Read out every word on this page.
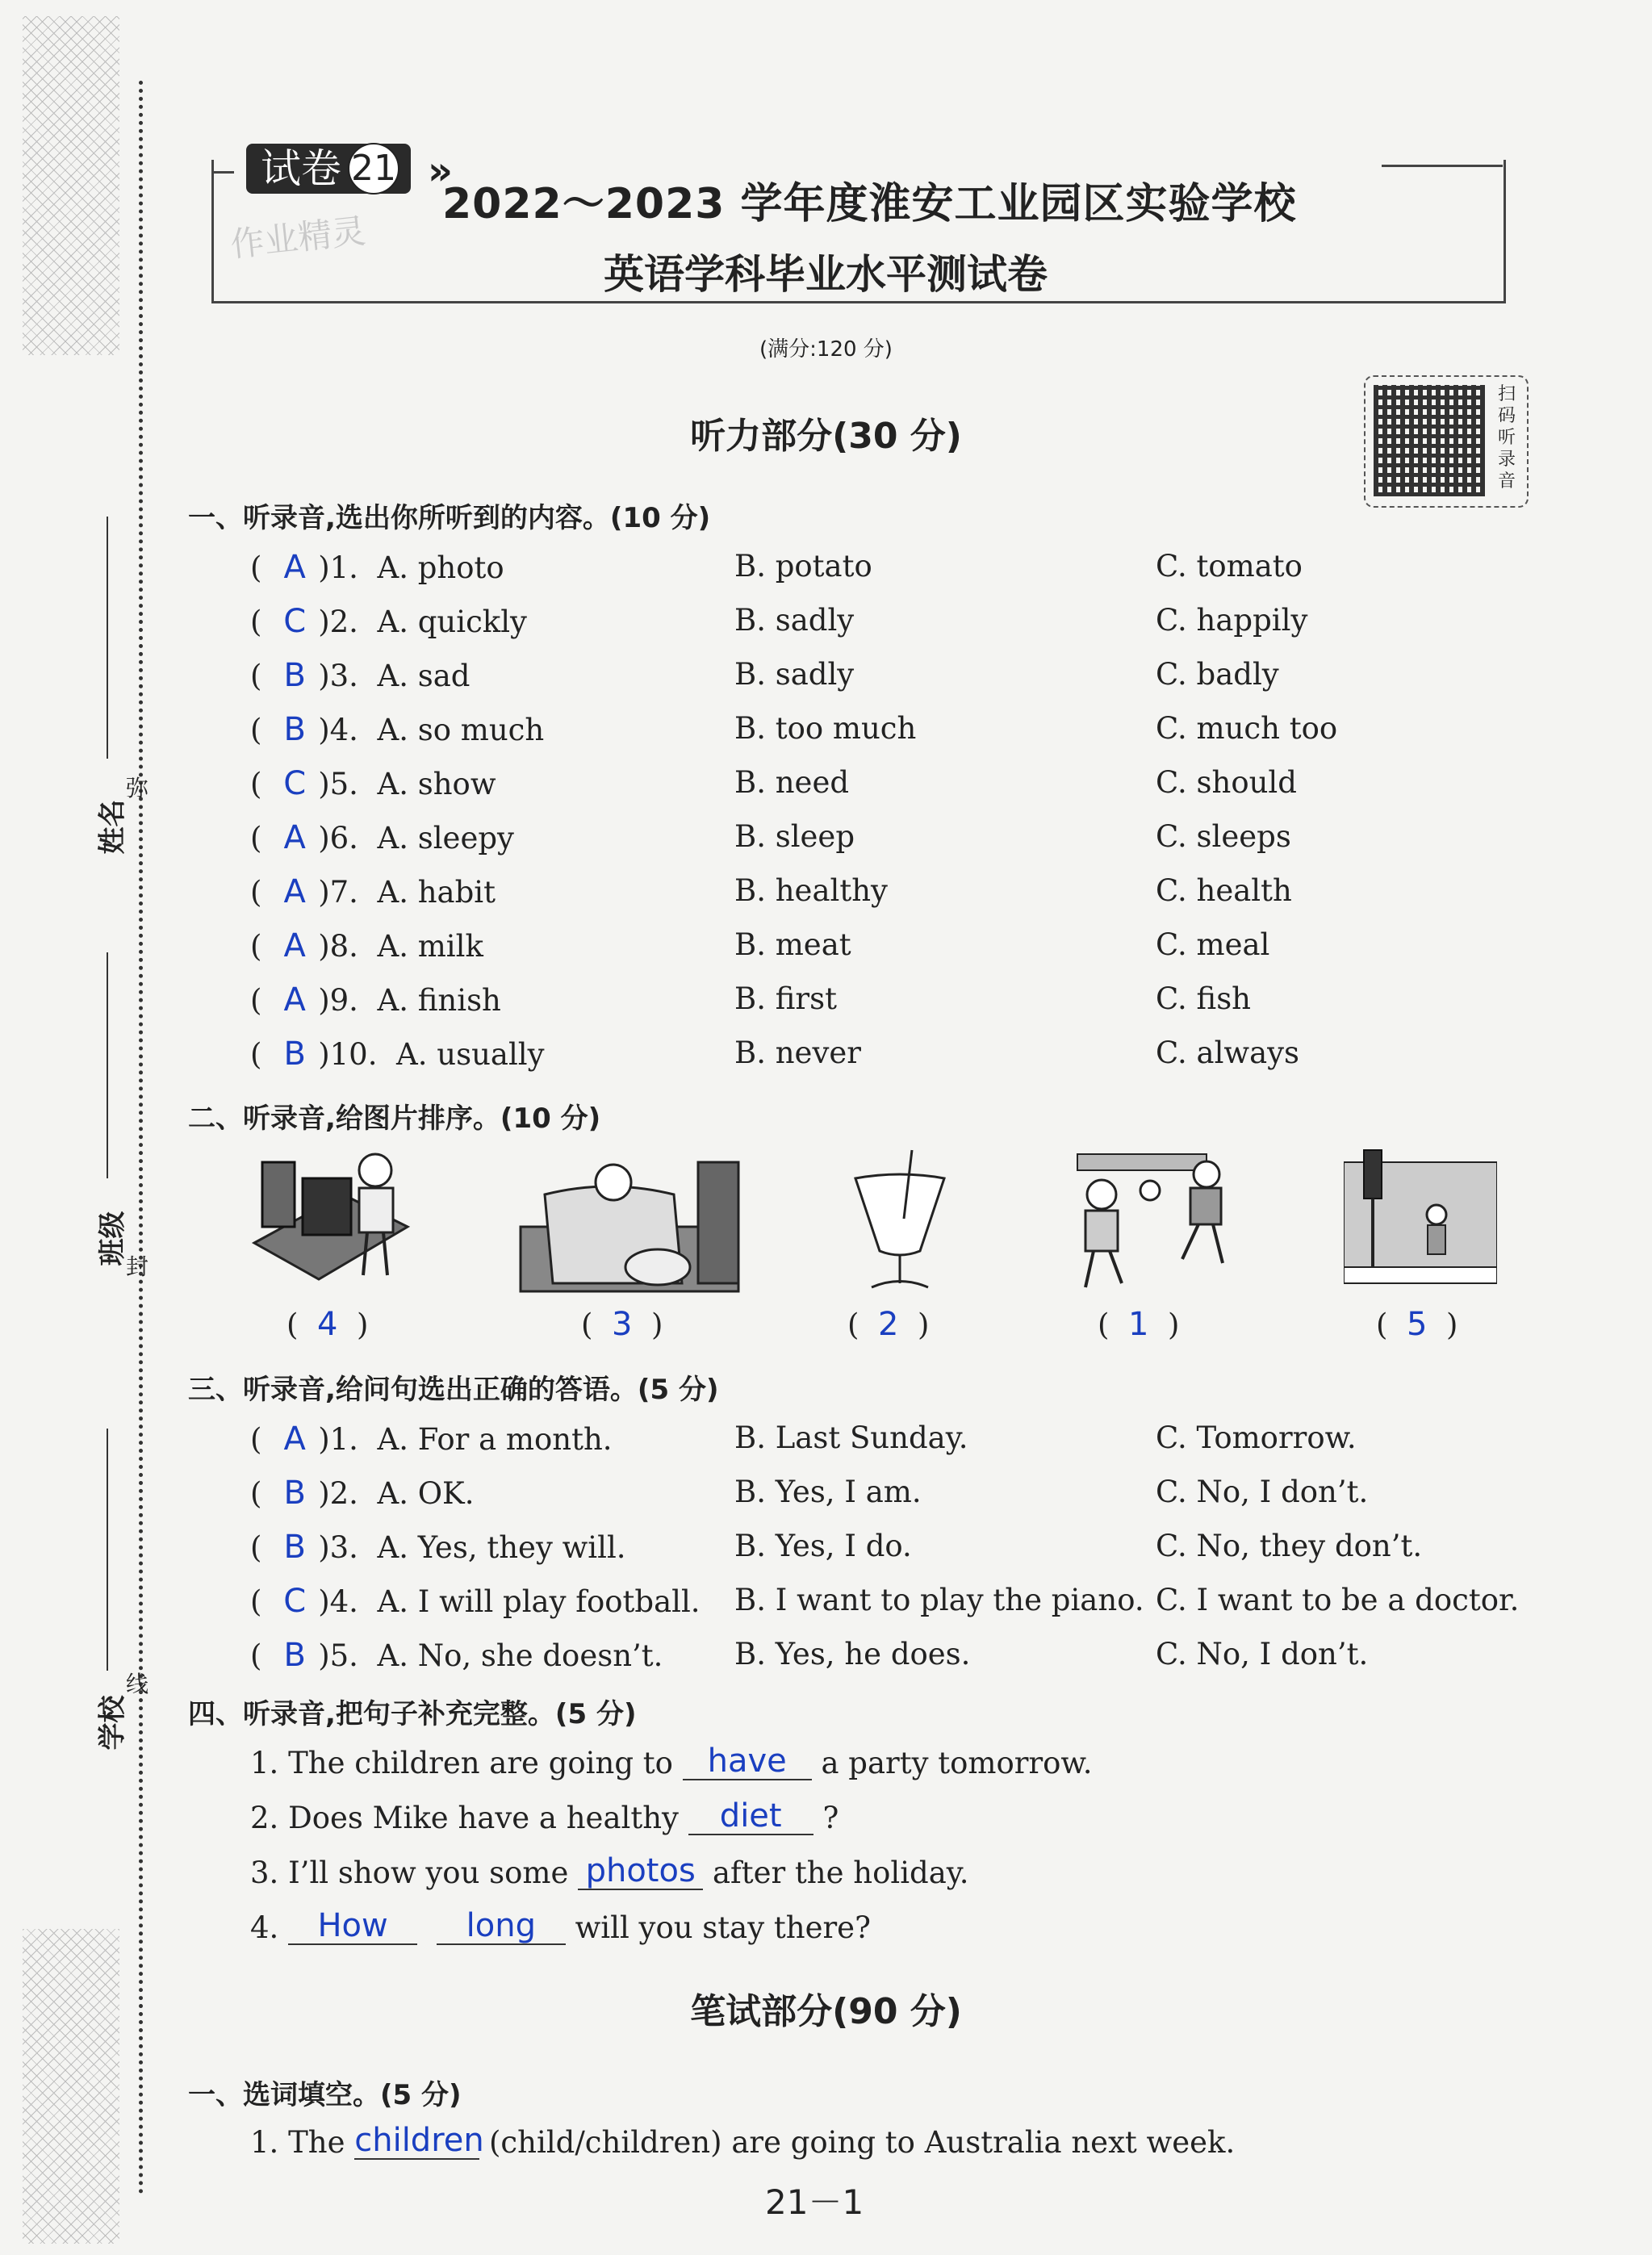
姓名
弥
班级
封
学校
线
试卷 21 »
作业精灵
2022～2023 学年度淮安工业园区实验学校
英语学科毕业水平测试卷
(满分:120 分)
扫码听录音
听力部分(30 分)
一、听录音,选出你所听到的内容。(10 分)
( A )1. A. photo	B. potato	C. tomato
( C )2. A. quickly	B. sadly	C. happily
( B )3. A. sad	B. sadly	C. badly
( B )4. A. so much	B. too much	C. much too
( C )5. A. show	B. need	C. should
( A )6. A. sleepy	B. sleep	C. sleeps
( A )7. A. habit	B. healthy	C. health
( A )8. A. milk	B. meat	C. meal
( A )9. A. finish	B. first	C. fish
( B )10. A. usually	B. never	C. always
二、听录音,给图片排序。(10 分)
(  4  )	(  3  )	(  2  )	(  1  )	(  5  )
三、听录音,给问句选出正确的答语。(5 分)
( A )1. A. For a month.	B. Last Sunday.	C. Tomorrow.
( B )2. A. OK.	B. Yes, I am.	C. No, I don’t.
( B )3. A. Yes, they will.	B. Yes, I do.	C. No, they don’t.
( C )4. A. I will play football. B. I want to play the piano. C. I want to be a doctor.
( B )5. A. No, she doesn’t. B. Yes, he does.	C. No, I don’t.
四、听录音,把句子补充完整。(5 分)
1. The children are going to have a party tomorrow.
2. Does Mike have a healthy diet ?
3. I’ll show you some photos after the holiday.
4. How long will you stay there?
笔试部分(90 分)
一、选词填空。(5 分)
1. The children (child/children) are going to Australia next week.
21－1
